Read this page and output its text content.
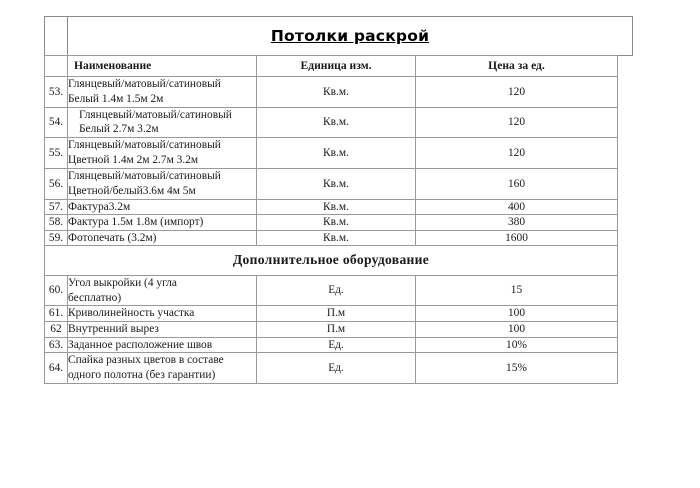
Потолки раскрой
	Наименование	Единица изм.	Цена за ед.
53.	Глянцевый/матовый/сатиновый
Белый 1.4м 1.5м 2м	Кв.м.	120
54.	Глянцевый/матовый/сатиновый
Белый 2.7м 3.2м	Кв.м.	120
55.	Глянцевый/матовый/сатиновый
Цветной 1.4м 2м 2.7м 3.2м	Кв.м.	120
56.	Глянцевый/матовый/сатиновый
Цветной/белый3.6м 4м 5м	Кв.м.	160
57.	Фактура3.2м	Кв.м.	400
58.	Фактура 1.5м 1.8м (импорт)	Кв.м.	380
59.	Фотопечать (3.2м)	Кв.м.	1600
Дополнительное оборудование			
60.	Угол выкройки (4 угла
бесплатно)	Ед.	15
61.	Криволинейность участка	П.м	100
62	Внутренний вырез	П.м	100
63.	Заданное расположение швов	Ед.	10%
64.	Спайка разных цветов в составе
одного полотна (без гарантии)	Ед.	15%
